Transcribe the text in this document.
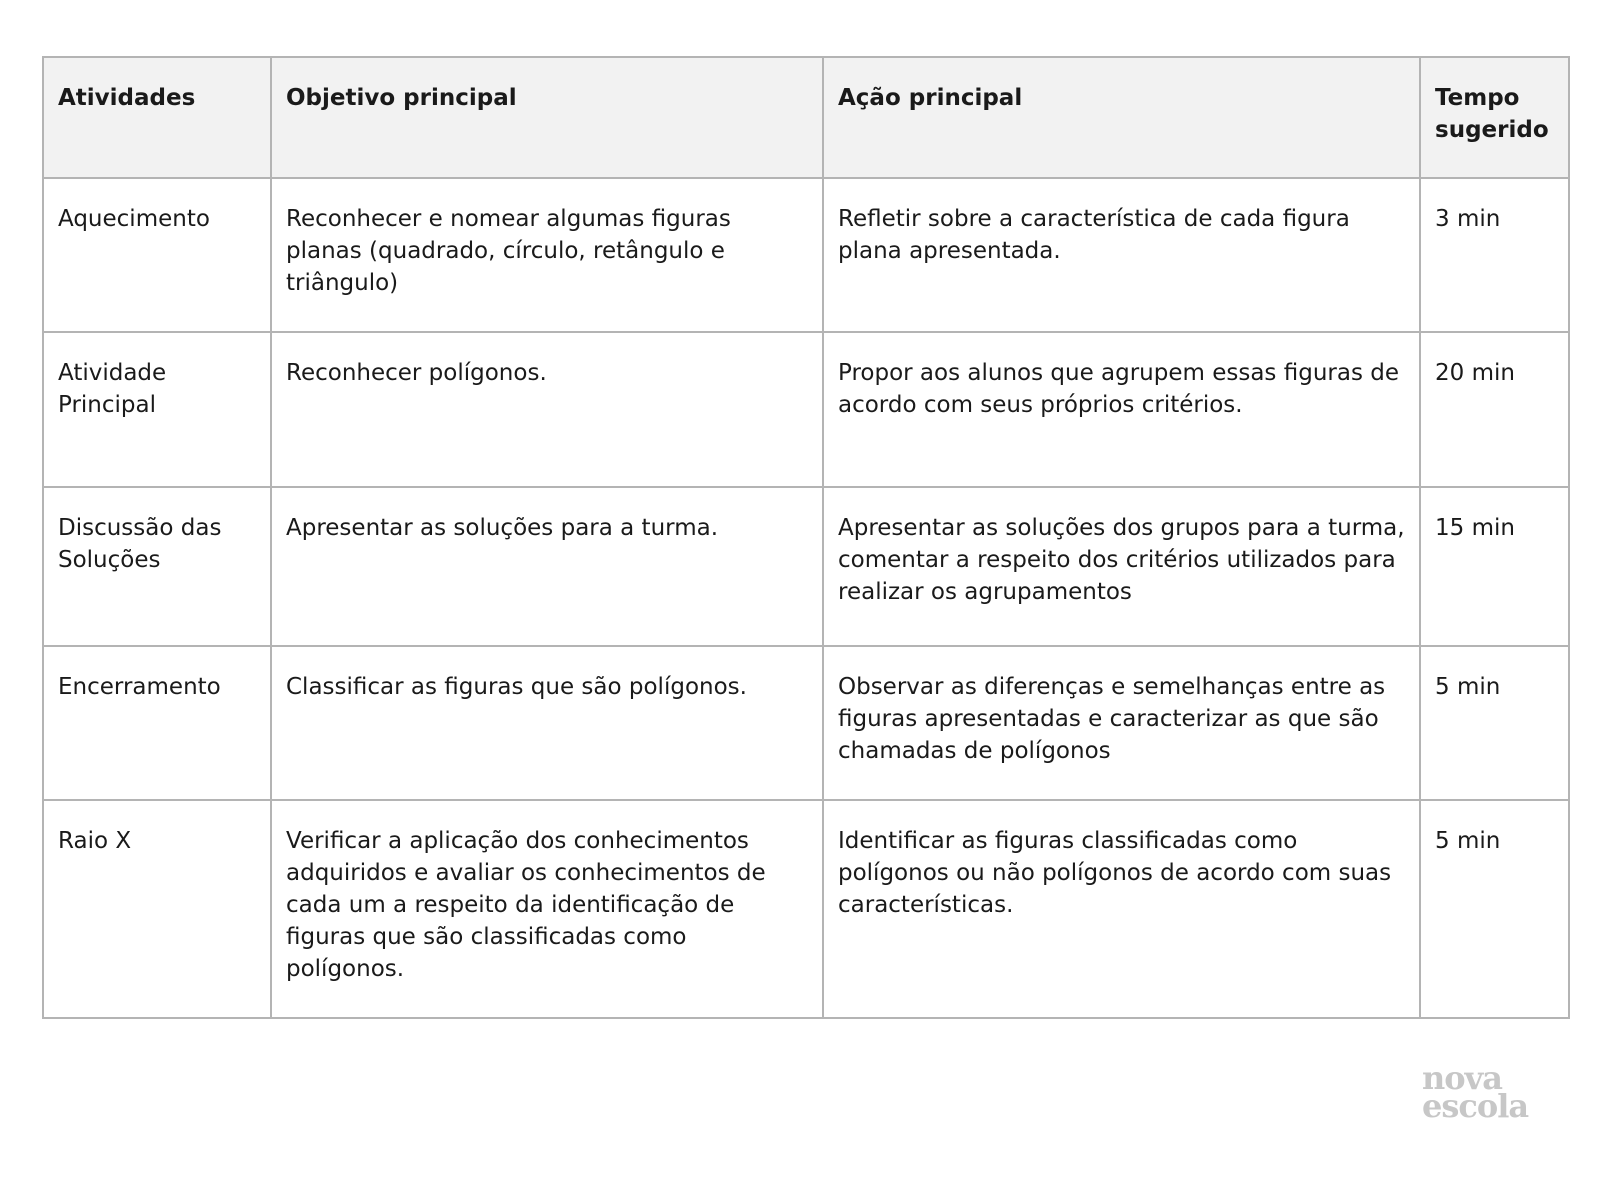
Atividades	Objetivo principal	Ação principal	Tempo sugerido
Aquecimento	Reconhecer e nomear algumas figuras planas (quadrado, círculo, retângulo e triângulo)	Refletir sobre a característica de cada figura plana apresentada.	3 min
Atividade Principal	Reconhecer polígonos.	Propor aos alunos que agrupem essas figuras de acordo com seus próprios critérios.	20 min
Discussão das Soluções	Apresentar as soluções para a turma.	Apresentar as soluções dos grupos para a turma, comentar a respeito dos critérios utilizados para realizar os agrupamentos	15 min
Encerramento	Classificar as figuras que são polígonos.	Observar as diferenças e semelhanças entre as figuras apresentadas e caracterizar as que são chamadas de polígonos	5 min
Raio X	Verificar a aplicação dos conhecimentos adquiridos e avaliar os conhecimentos de cada um a respeito da identificação de figuras que são classificadas como polígonos.	Identificar as figuras classificadas como polígonos ou não polígonos de acordo com suas características.	5 min
nova
escola
